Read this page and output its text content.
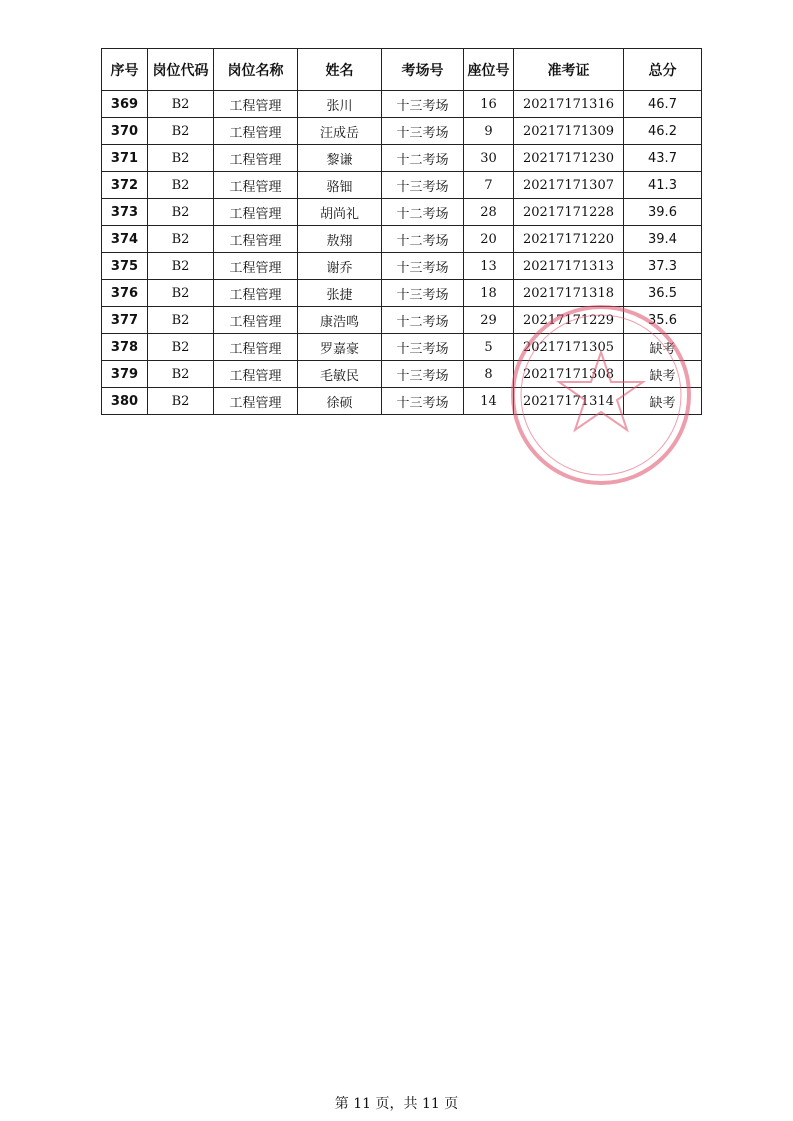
序号	岗位代码	岗位名称	姓名	考场号	座位号	准考证	总分
369	B2	工程管理	张川	十三考场	16	20217171316	46.7
370	B2	工程管理	汪成岳	十三考场	9	20217171309	46.2
371	B2	工程管理	黎谦	十二考场	30	20217171230	43.7
372	B2	工程管理	骆钿	十三考场	7	20217171307	41.3
373	B2	工程管理	胡尚礼	十二考场	28	20217171228	39.6
374	B2	工程管理	敖翔	十二考场	20	20217171220	39.4
375	B2	工程管理	谢乔	十三考场	13	20217171313	37.3
376	B2	工程管理	张捷	十三考场	18	20217171318	36.5
377	B2	工程管理	康浩鸣	十二考场	29	20217171229	35.6
378	B2	工程管理	罗嘉豪	十三考场	5	20217171305	缺考
379	B2	工程管理	毛敏民	十三考场	8	20217171308	缺考
380	B2	工程管理	徐硕	十三考场	14	20217171314	缺考
第 11 页，共 11 页
